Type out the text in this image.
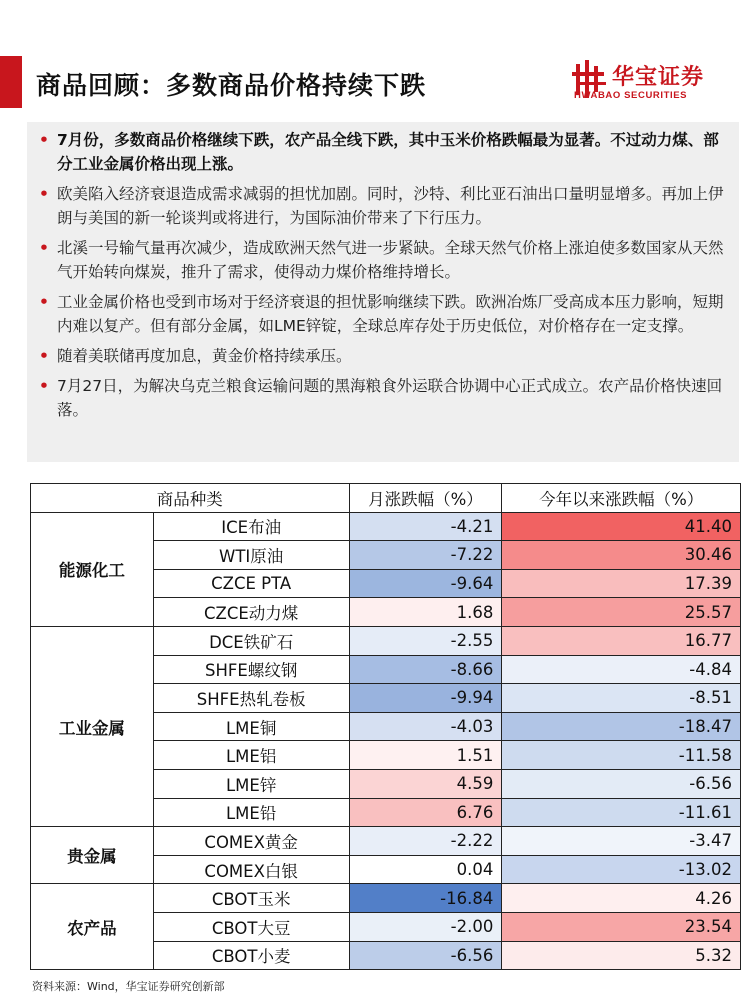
商品回顾：多数商品价格持续下跌	华宝证券
HWABAO SECURITIES
• 7月份，多数商品价格继续下跌，农产品全线下跌，其中玉米价格跌幅最为显著。不过动力煤、部分工业金属价格出现上涨。
• 欧美陷入经济衰退造成需求减弱的担忧加剧。同时，沙特、利比亚石油出口量明显增多。再加上伊朗与美国的新一轮谈判或将进行，为国际油价带来了下行压力。
• 北溪一号输气量再次减少，造成欧洲天然气进一步紧缺。全球天然气价格上涨迫使多数国家从天然气开始转向煤炭，推升了需求，使得动力煤价格维持增长。
• 工业金属价格也受到市场对于经济衰退的担忧影响继续下跌。欧洲冶炼厂受高成本压力影响，短期内难以复产。但有部分金属，如LME锌锭，全球总库存处于历史低位，对价格存在一定支撑。
• 随着美联储再度加息，黄金价格持续承压。
• 7月27日，为解决乌克兰粮食运输问题的黑海粮食外运联合协调中心正式成立。农产品价格快速回落。
商品种类		月涨跌幅（%）	今年以来涨跌幅（%）
能源化工	ICE布油	-4.21	41.40
	WTI原油	-7.22	30.46
	CZCE PTA	-9.64	17.39
	CZCE动力煤	1.68	25.57
工业金属	DCE铁矿石	-2.55	16.77
	SHFE螺纹钢	-8.66	-4.84
	SHFE热轧卷板	-9.94	-8.51
	LME铜	-4.03	-18.47
	LME铝	1.51	-11.58
	LME锌	4.59	-6.56
	LME铅	6.76	-11.61
贵金属	COMEX黄金	-2.22	-3.47
	COMEX白银	0.04	-13.02
农产品	CBOT玉米	-16.84	4.26
	CBOT大豆	-2.00	23.54
	CBOT小麦	-6.56	5.32
资料来源：Wind，华宝证券研究创新部
